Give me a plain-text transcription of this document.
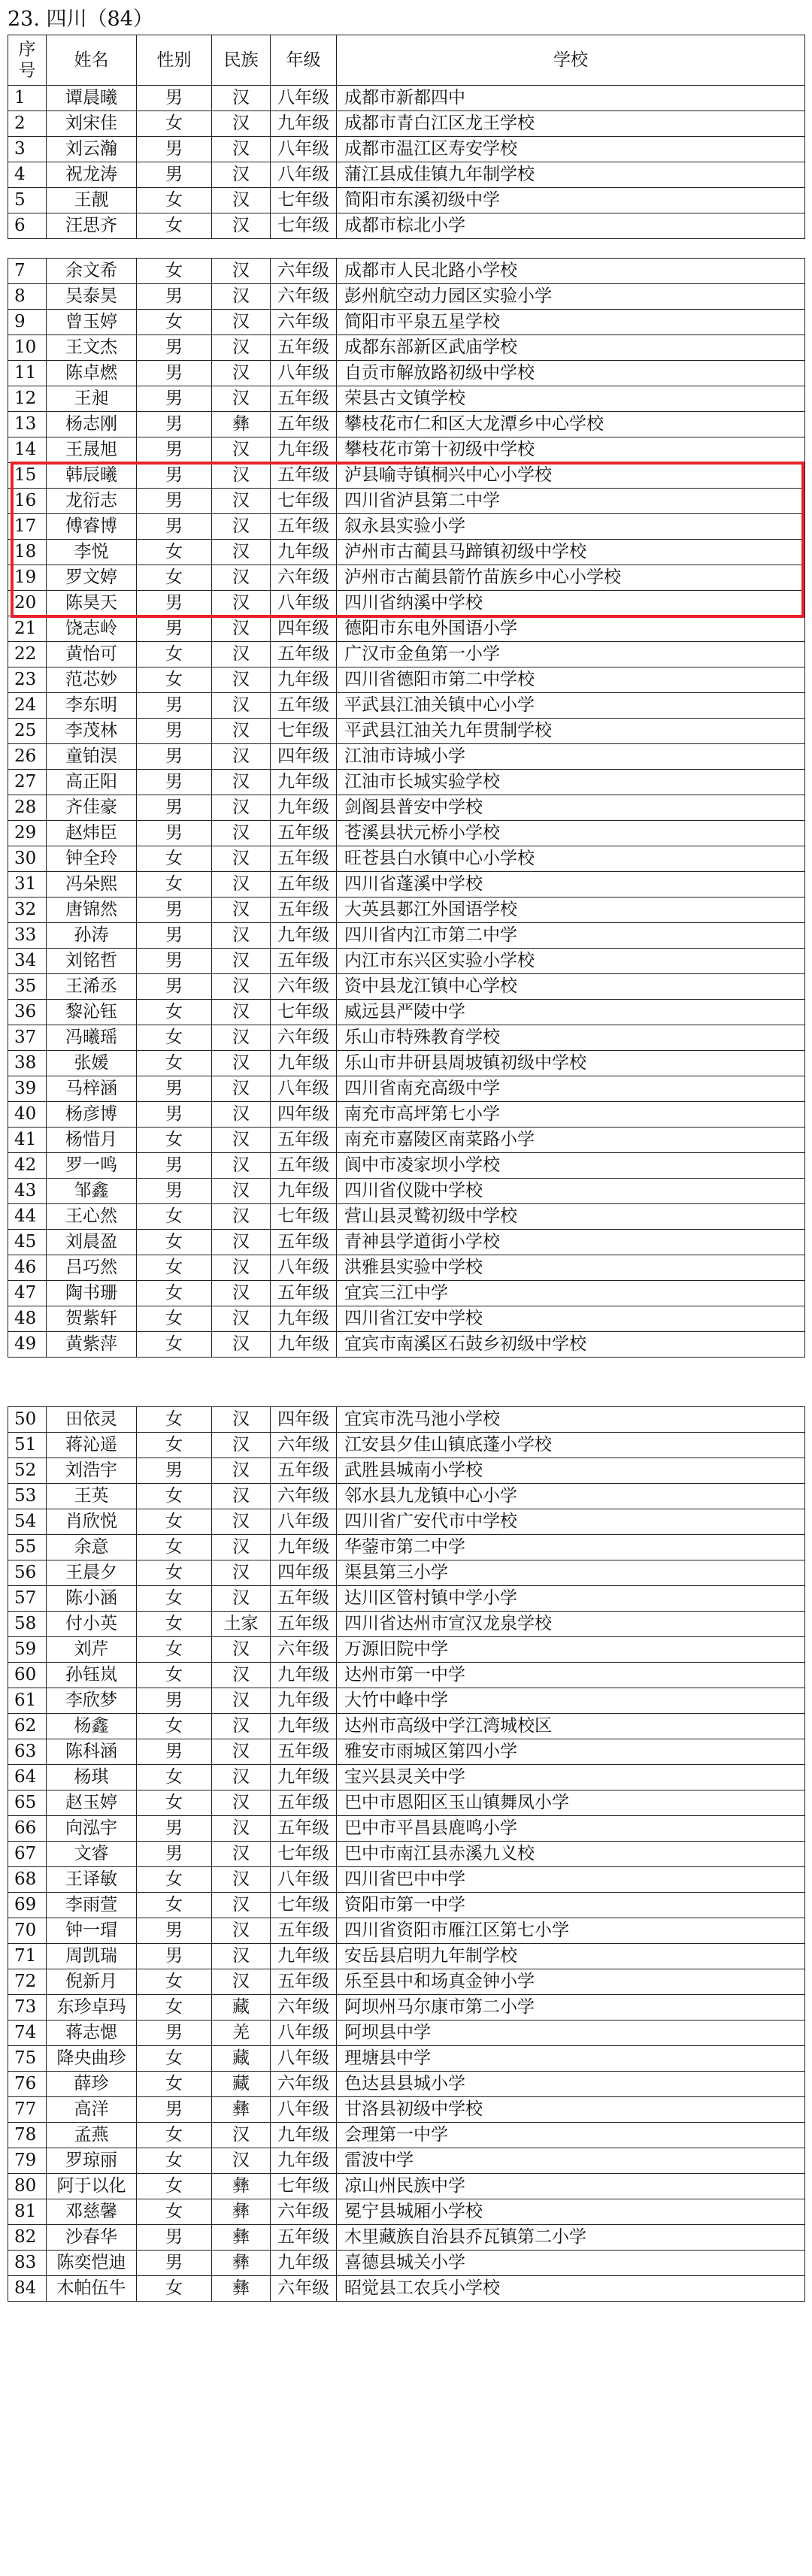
23. 四川（84）
序
号	姓名	性别	民族	年级	学校
1	谭晨曦	男	汉	八年级	成都市新都四中
2	刘宋佳	女	汉	九年级	成都市青白江区龙王学校
3	刘云瀚	男	汉	八年级	成都市温江区寿安学校
4	祝龙涛	男	汉	八年级	蒲江县成佳镇九年制学校
5	王靓	女	汉	七年级	简阳市东溪初级中学
6	汪思齐	女	汉	七年级	成都市棕北小学
7	余文希	女	汉	六年级	成都市人民北路小学校
8	吴泰昊	男	汉	六年级	彭州航空动力园区实验小学
9	曾玉婷	女	汉	六年级	简阳市平泉五星学校
10	王文杰	男	汉	五年级	成都东部新区武庙学校
11	陈卓燃	男	汉	八年级	自贡市解放路初级中学校
12	王昶	男	汉	五年级	荣县古文镇学校
13	杨志刚	男	彝	五年级	攀枝花市仁和区大龙潭乡中心学校
14	王晟旭	男	汉	九年级	攀枝花市第十初级中学校
15	韩辰曦	男	汉	五年级	泸县喻寺镇桐兴中心小学校
16	龙衍志	男	汉	七年级	四川省泸县第二中学
17	傅睿博	男	汉	五年级	叙永县实验小学
18	李悦	女	汉	九年级	泸州市古蔺县马蹄镇初级中学校
19	罗文婷	女	汉	六年级	泸州市古蔺县箭竹苗族乡中心小学校
20	陈昊天	男	汉	八年级	四川省纳溪中学校
21	饶志岭	男	汉	四年级	德阳市东电外国语小学
22	黄怡可	女	汉	五年级	广汉市金鱼第一小学
23	范芯妙	女	汉	九年级	四川省德阳市第二中学校
24	李东明	男	汉	五年级	平武县江油关镇中心小学
25	李茂林	男	汉	七年级	平武县江油关九年贯制学校
26	童铂淏	男	汉	四年级	江油市诗城小学
27	高正阳	男	汉	九年级	江油市长城实验学校
28	齐佳豪	男	汉	九年级	剑阁县普安中学校
29	赵炜臣	男	汉	五年级	苍溪县状元桥小学校
30	钟全玲	女	汉	五年级	旺苍县白水镇中心小学校
31	冯朵熙	女	汉	五年级	四川省蓬溪中学校
32	唐锦然	男	汉	五年级	大英县郪江外国语学校
33	孙涛	男	汉	九年级	四川省内江市第二中学
34	刘铭哲	男	汉	五年级	内江市东兴区实验小学校
35	王浠丞	男	汉	六年级	资中县龙江镇中心学校
36	黎沁钰	女	汉	七年级	威远县严陵中学
37	冯曦瑶	女	汉	六年级	乐山市特殊教育学校
38	张媛	女	汉	九年级	乐山市井研县周坡镇初级中学校
39	马梓涵	男	汉	八年级	四川省南充高级中学
40	杨彦博	男	汉	四年级	南充市高坪第七小学
41	杨惜月	女	汉	五年级	南充市嘉陵区南菜路小学
42	罗一鸣	男	汉	五年级	阆中市凌家坝小学校
43	邹鑫	男	汉	九年级	四川省仪陇中学校
44	王心然	女	汉	七年级	营山县灵鹫初级中学校
45	刘晨盈	女	汉	五年级	青神县学道街小学校
46	吕巧然	女	汉	八年级	洪雅县实验中学校
47	陶书珊	女	汉	五年级	宜宾三江中学
48	贺紫轩	女	汉	九年级	四川省江安中学校
49	黄紫萍	女	汉	九年级	宜宾市南溪区石鼓乡初级中学校
50	田依灵	女	汉	四年级	宜宾市洗马池小学校
51	蒋沁遥	女	汉	六年级	江安县夕佳山镇底蓬小学校
52	刘浩宇	男	汉	五年级	武胜县城南小学校
53	王英	女	汉	六年级	邻水县九龙镇中心小学
54	肖欣悦	女	汉	八年级	四川省广安代市中学校
55	余意	女	汉	九年级	华蓥市第二中学
56	王晨夕	女	汉	四年级	渠县第三小学
57	陈小涵	女	汉	五年级	达川区管村镇中学小学
58	付小英	女	土家	五年级	四川省达州市宣汉龙泉学校
59	刘芹	女	汉	六年级	万源旧院中学
60	孙钰岚	女	汉	九年级	达州市第一中学
61	李欣梦	男	汉	九年级	大竹中峰中学
62	杨鑫	女	汉	九年级	达州市高级中学江湾城校区
63	陈科涵	男	汉	五年级	雅安市雨城区第四小学
64	杨琪	女	汉	九年级	宝兴县灵关中学
65	赵玉婷	女	汉	五年级	巴中市恩阳区玉山镇舞凤小学
66	向泓宇	男	汉	五年级	巴中市平昌县鹿鸣小学
67	文睿	男	汉	七年级	巴中市南江县赤溪九义校
68	王译敏	女	汉	八年级	四川省巴中中学
69	李雨萱	女	汉	七年级	资阳市第一中学
70	钟一瑁	男	汉	五年级	四川省资阳市雁江区第七小学
71	周凯瑞	男	汉	九年级	安岳县启明九年制学校
72	倪新月	女	汉	五年级	乐至县中和场真金钟小学
73	东珍卓玛	女	藏	六年级	阿坝州马尔康市第二小学
74	蒋志愢	男	羌	八年级	阿坝县中学
75	降央曲珍	女	藏	八年级	理塘县中学
76	薛珍	女	藏	六年级	色达县县城小学
77	高洋	男	彝	八年级	甘洛县初级中学校
78	孟燕	女	汉	九年级	会理第一中学
79	罗琼丽	女	汉	九年级	雷波中学
80	阿于以化	女	彝	七年级	凉山州民族中学
81	邓慈馨	女	彝	六年级	冕宁县城厢小学校
82	沙春华	男	彝	五年级	木里藏族自治县乔瓦镇第二小学
83	陈奕恺迪	男	彝	九年级	喜德县城关小学
84	木帕伍牛	女	彝	六年级	昭觉县工农兵小学校
